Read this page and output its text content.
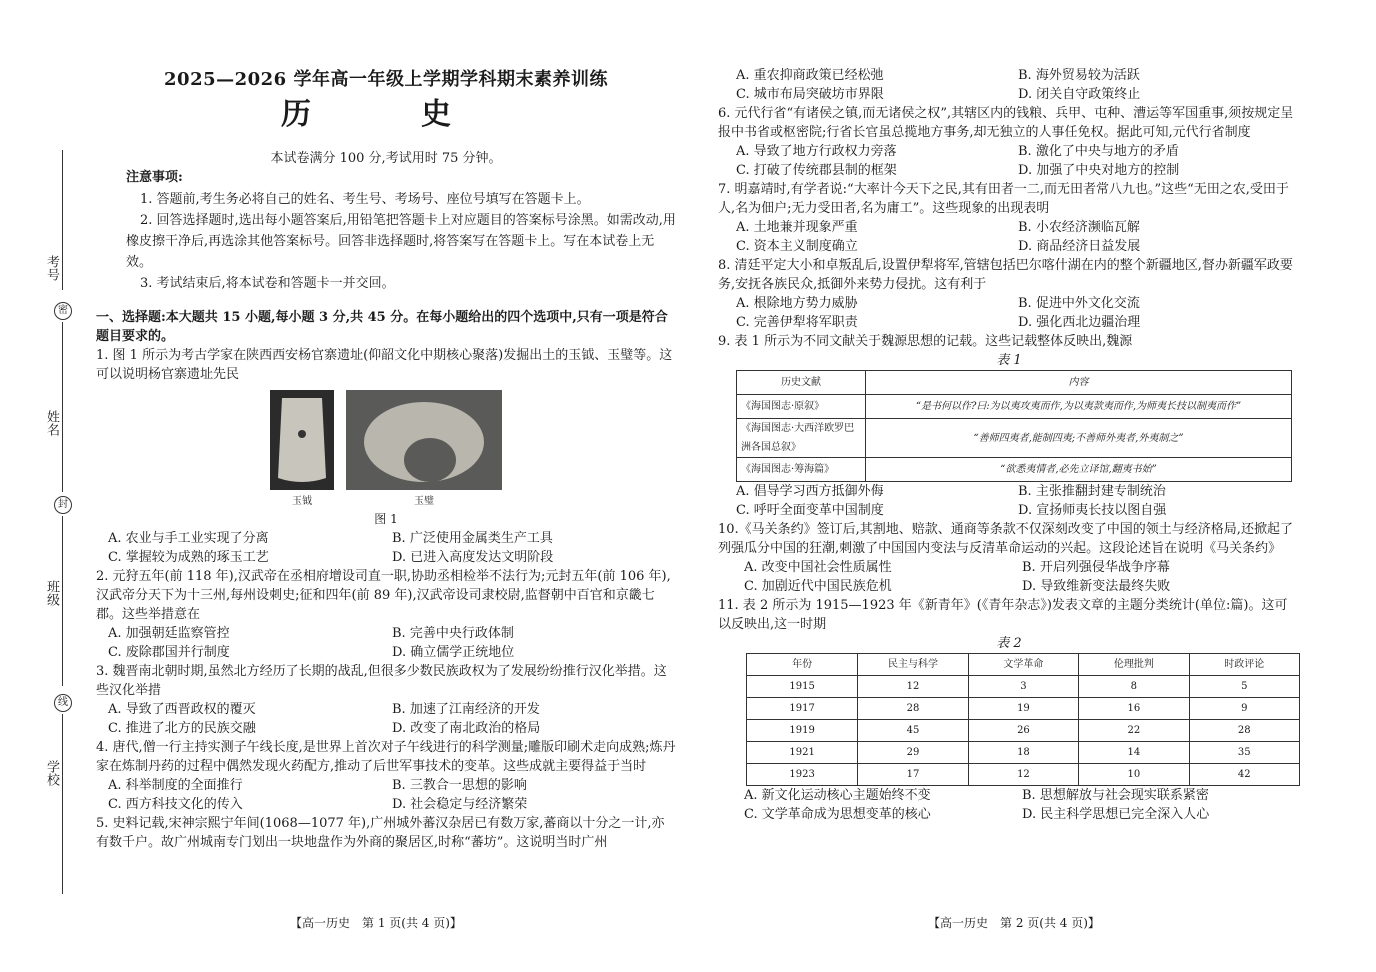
考号
密
姓名
封
班级
线
学校
2025—2026 学年高一年级上学期学科期末素养训练
历　史
本试卷满分 100 分,考试用时 75 分钟。
注意事项:
1. 答题前,考生务必将自己的姓名、考生号、考场号、座位号填写在答题卡上。
2. 回答选择题时,选出每小题答案后,用铅笔把答题卡上对应题目的答案标号涂黑。如需改动,用橡皮擦干净后,再选涂其他答案标号。回答非选择题时,将答案写在答题卡上。写在本试卷上无效。
3. 考试结束后,将本试卷和答题卡一并交回。
一、选择题:本大题共 15 小题,每小题 3 分,共 45 分。在每小题给出的四个选项中,只有一项是符合题目要求的。
1. 图 1 所示为考古学家在陕西西安杨官寨遗址(仰韶文化中期核心聚落)发掘出土的玉钺、玉璧等。这可以说明杨官寨遗址先民
玉钺	玉璧
图 1
A. 农业与手工业实现了分离	B. 广泛使用金属类生产工具
C. 掌握较为成熟的琢玉工艺	D. 已进入高度发达文明阶段
2. 元狩五年(前 118 年),汉武帝在丞相府增设司直一职,协助丞相检举不法行为;元封五年(前 106 年),汉武帝分天下为十三州,每州设刺史;征和四年(前 89 年),汉武帝设司隶校尉,监督朝中百官和京畿七郡。这些举措意在
A. 加强朝廷监察管控	B. 完善中央行政体制
C. 废除郡国并行制度	D. 确立儒学正统地位
3. 魏晋南北朝时期,虽然北方经历了长期的战乱,但很多少数民族政权为了发展纷纷推行汉化举措。这些汉化举措
A. 导致了西晋政权的覆灭	B. 加速了江南经济的开发
C. 推进了北方的民族交融	D. 改变了南北政治的格局
4. 唐代,僧一行主持实测子午线长度,是世界上首次对子午线进行的科学测量;雕版印刷术走向成熟;炼丹家在炼制丹药的过程中偶然发现火药配方,推动了后世军事技术的变革。这些成就主要得益于当时
A. 科举制度的全面推行	B. 三教合一思想的影响
C. 西方科技文化的传入	D. 社会稳定与经济繁荣
5. 史料记载,宋神宗熙宁年间(1068—1077 年),广州城外蕃汉杂居已有数万家,蕃商以十分之一计,亦有数千户。故广州城南专门划出一块地盘作为外商的聚居区,时称“蕃坊”。这说明当时广州
【高一历史　第 1 页(共 4 页)】
A. 重农抑商政策已经松弛	B. 海外贸易较为活跃
C. 城市布局突破坊市界限	D. 闭关自守政策终止
6. 元代行省“有诸侯之镇,而无诸侯之权”,其辖区内的钱粮、兵甲、屯种、漕运等军国重事,须按规定呈报中书省或枢密院;行省长官虽总揽地方事务,却无独立的人事任免权。据此可知,元代行省制度
A. 导致了地方行政权力旁落	B. 激化了中央与地方的矛盾
C. 打破了传统郡县制的框架	D. 加强了中央对地方的控制
7. 明嘉靖时,有学者说:“大率计今天下之民,其有田者一二,而无田者常八九也。”这些“无田之农,受田于人,名为佃户;无力受田者,名为庸工”。这些现象的出现表明
A. 土地兼并现象严重	B. 小农经济濒临瓦解
C. 资本主义制度确立	D. 商品经济日益发展
8. 清廷平定大小和卓叛乱后,设置伊犁将军,管辖包括巴尔喀什湖在内的整个新疆地区,督办新疆军政要务,安抚各族民众,抵御外来势力侵扰。这有利于
A. 根除地方势力威胁	B. 促进中外文化交流
C. 完善伊犁将军职责	D. 强化西北边疆治理
9. 表 1 所示为不同文献关于魏源思想的记载。这些记载整体反映出,魏源
表 1
历史文献	内容
《海国图志·原叙》	“是书何以作?曰:为以夷攻夷而作,为以夷款夷而作,为师夷长技以制夷而作”
《海国图志·大西洋欧罗巴洲各国总叙》	“善师四夷者,能制四夷;不善师外夷者,外夷制之”
《海国图志·筹海篇》	“欲悉夷情者,必先立译馆,翻夷书始”
A. 倡导学习西方抵御外侮	B. 主张推翻封建专制统治
C. 呼吁全面变革中国制度	D. 宣扬师夷长技以图自强
10.《马关条约》签订后,其割地、赔款、通商等条款不仅深刻改变了中国的领土与经济格局,还掀起了列强瓜分中国的狂潮,刺激了中国国内变法与反清革命运动的兴起。这段论述旨在说明《马关条约》
A. 改变中国社会性质属性	B. 开启列强侵华战争序幕
C. 加剧近代中国民族危机	D. 导致维新变法最终失败
11. 表 2 所示为 1915—1923 年《新青年》(《青年杂志》)发表文章的主题分类统计(单位:篇)。这可以反映出,这一时期
表 2
年份	民主与科学	文学革命	伦理批判	时政评论
1915	12	3	8	5
1917	28	19	16	9
1919	45	26	22	28
1921	29	18	14	35
1923	17	12	10	42
A. 新文化运动核心主题始终不变	B. 思想解放与社会现实联系紧密
C. 文学革命成为思想变革的核心	D. 民主科学思想已完全深入人心
【高一历史　第 2 页(共 4 页)】
